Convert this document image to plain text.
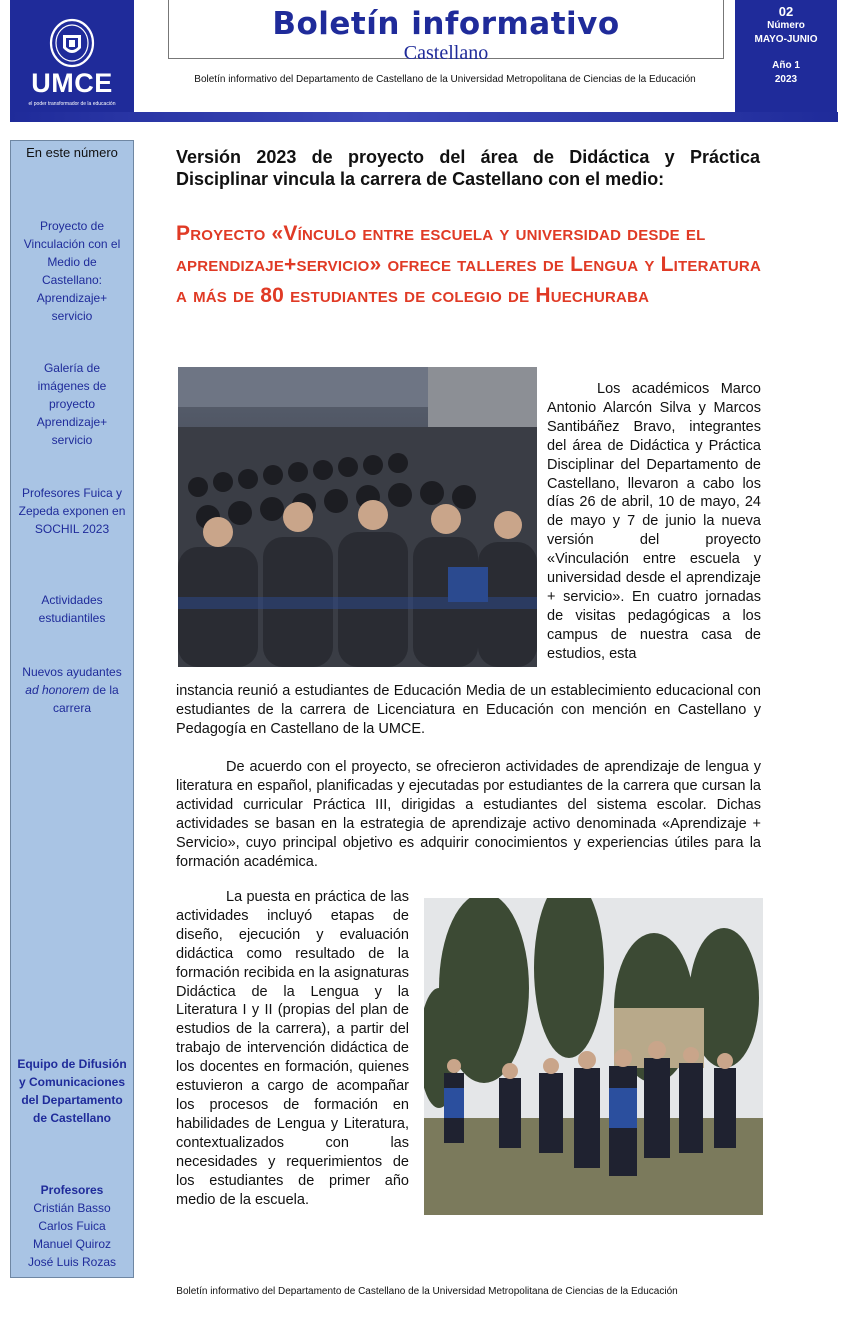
UMCE
el poder transformador de la educación
Boletín informativo
Castellano
Boletín informativo del Departamento de Castellano de la Universidad Metropolitana de Ciencias de la Educación
02
Número
MAYO-JUNIO
Año 1
2023
En este número
Proyecto de Vinculación con el Medio de Castellano: Aprendizaje+ servicio
Galería de imágenes de proyecto Aprendizaje+ servicio
Profesores Fuica y Zepeda exponen en SOCHIL 2023
Actividades estudiantiles
Nuevos ayudantes ad honorem de la carrera
Equipo de Difusión y Comunicaciones del Departamento de Castellano
Profesores
Cristián Basso
Carlos Fuica
Manuel Quiroz
José Luis Rozas
Versión 2023 de proyecto del área de Didáctica y Práctica Disciplinar vincula la carrera de Castellano con el medio:
Proyecto «Vínculo entre escuela y universidad desde el aprendizaje+servicio» ofrece talleres de Lengua y Literatura a más de 80 estudiantes de colegio de Huechuraba
Los académicos Marco Antonio Alarcón Silva y Marcos Santibáñez Bravo, integrantes del área de Didáctica y Práctica Disciplinar del Departamento de Castellano, llevaron a cabo los días 26 de abril, 10 de mayo, 24 de mayo y 7 de junio la nueva versión del proyecto «Vinculación entre escuela y universidad desde el aprendizaje + servicio». En cuatro jornadas de visitas pedagógicas a los campus de nuestra casa de estudios, esta
instancia reunió a estudiantes de Educación Media de un establecimiento educacional con estudiantes de la carrera de Licenciatura en Educación con mención en Castellano y Pedagogía en Castellano de la UMCE.
De acuerdo con el proyecto, se ofrecieron actividades de aprendizaje de lengua y literatura en español, planificadas y ejecutadas por estudiantes de la carrera que cursan la actividad curricular Práctica III, dirigidas a estudiantes del sistema escolar. Dichas actividades se basan en la estrategia de aprendizaje activo denominada «Aprendizaje + Servicio», cuyo principal objetivo es adquirir conocimientos y experiencias útiles para la formación académica.
La puesta en práctica de las actividades incluyó etapas de diseño, ejecución y evaluación didáctica como resultado de la formación recibida en la asignaturas Didáctica de la Lengua y la Literatura I y II (propias del plan de estudios de la carrera), a partir del trabajo de intervención didáctica de los docentes en formación, quienes estuvieron a cargo de acompañar los procesos de formación en habilidades de Lengua y Literatura, contextualizados con las necesidades y requerimientos de los estudiantes de primer año medio de la escuela.
Boletín informativo del Departamento de Castellano de la Universidad Metropolitana de Ciencias de la Educación
